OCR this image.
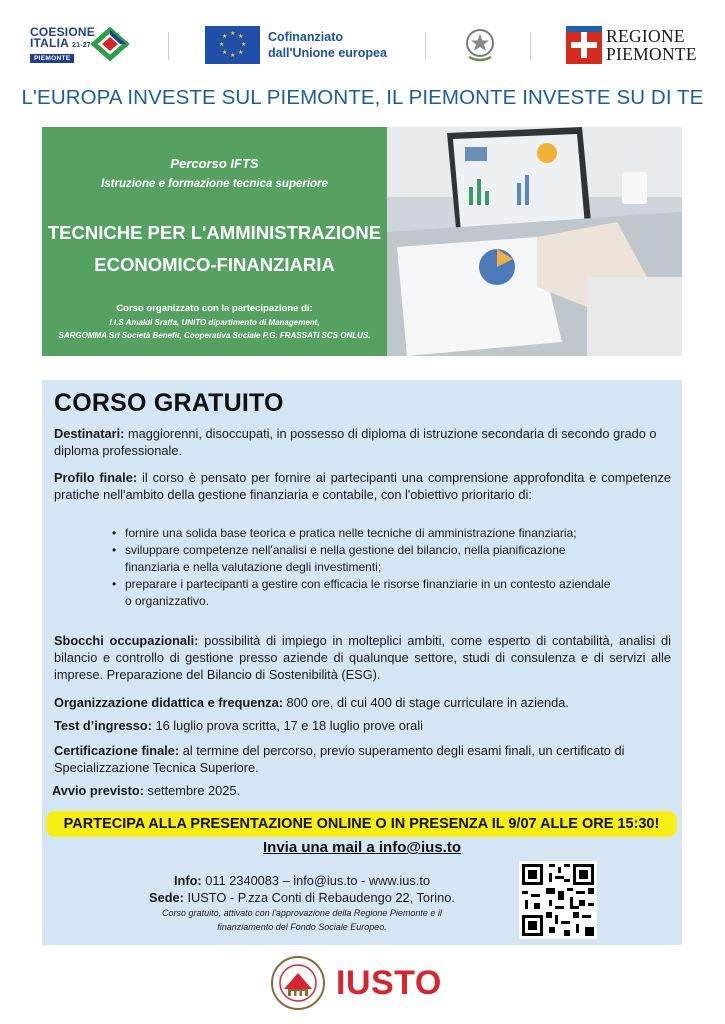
COESIONE
ITALIA 21-27
PIEMONTE
★ ★
★
★
★
★
★
★	Cofinanziato
dall'Unione europea
REGIONE
PIEMONTE
L'EUROPA INVESTE SUL PIEMONTE, IL PIEMONTE INVESTE SU DI TE
Percorso IFTS
Istruzione e formazione tecnica superiore
TECNICHE PER L'AMMINISTRAZIONE
ECONOMICO-FINANZIARIA
Corso organizzato con la partecipazione di:
I.I.S Amaldi Sraffa, UNITO dipartimento di Management,
SARGOMMA Srl Società Benefit, Cooperativa Sociale P.G. FRASSATI SCS ONLUS.
CORSO GRATUITO

Destinatari: maggiorenni, disoccupati, in possesso di diploma di istruzione secondaria di secondo grado o diploma professionale.

Profilo finale: il corso è pensato per fornire ai partecipanti una comprensione approfondita e competenze pratiche nell'ambito della gestione finanziaria e contabile, con l'obiettivo prioritario di:

• fornire una solida base teorica e pratica nelle tecniche di amministrazione finanziaria;
• sviluppare competenze nell'analisi e nella gestione del bilancio, nella pianificazione finanziaria e nella valutazione degli investimenti;
• preparare i partecipanti a gestire con efficacia le risorse finanziarie in un contesto aziendale o organizzativo.

Sbocchi occupazionali: possibilità di impiego in molteplici ambiti, come esperto di contabilità, analisi di bilancio e controllo di gestione presso aziende di qualunque settore, studi di consulenza e di servizi alle imprese. Preparazione del Bilancio di Sostenibilità (ESG).

Organizzazione didattica e frequenza: 800 ore, di cui 400 di stage curriculare in azienda.

Test d’ingresso: 16 luglio prova scritta, 17 e 18 luglio prove orali

Certificazione finale: al termine del percorso, previo superamento degli esami finali, un certificato di Specializzazione Tecnica Superiore.

Avvio previsto: settembre 2025.

PARTECIPA ALLA PRESENTAZIONE ONLINE O IN PRESENZA IL 9/07 ALLE ORE 15:30!
Invia una mail a info@ius.to

Info: 011 2340083 – info@ius.to - www.ius.to

Sede: IUSTO - P.zza Conti di Rebaudengo 22, Torino.

Corso gratuito, attivato con l'approvazione della Regione Piemonte e il

finanziamento del Fondo Sociale Europeo.

IUSTO
